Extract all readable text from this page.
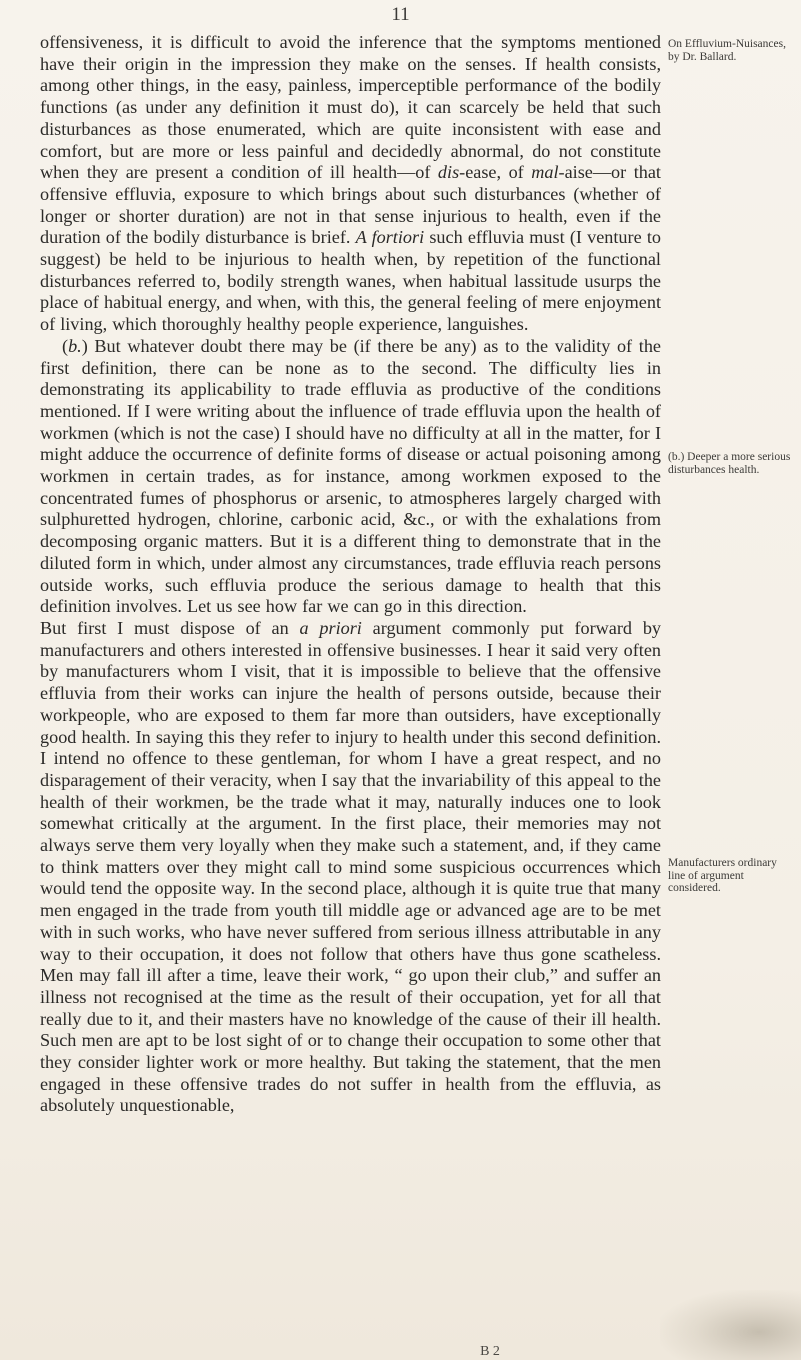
11

offensiveness, it is difficult to avoid the inference that the symptoms mentioned have their origin in the impression they make on the senses. If health consists, among other things, in the easy, painless, imperceptible performance of the bodily functions (as under any definition it must do), it can scarcely be held that such disturbances as those enumerated, which are quite inconsistent with ease and comfort, but are more or less painful and decidedly abnormal, do not constitute when they are present a condition of ill health—of dis-ease, of mal-aise—or that offensive effluvia, exposure to which brings about such disturbances (whether of longer or shorter duration) are not in that sense injurious to health, even if the duration of the bodily disturbance is brief. A fortiori such effluvia must (I venture to suggest) be held to be injurious to health when, by repetition of the functional disturbances referred to, bodily strength wanes, when habitual lassitude usurps the place of habitual energy, and when, with this, the general feeling of mere enjoyment of living, which thoroughly healthy people experience, languishes.

(b.) But whatever doubt there may be (if there be any) as to the validity of the first definition, there can be none as to the second. The difficulty lies in demonstrating its applicability to trade effluvia as productive of the conditions mentioned. If I were writing about the influence of trade effluvia upon the health of workmen (which is not the case) I should have no difficulty at all in the matter, for I might adduce the occurrence of definite forms of disease or actual poisoning among workmen in certain trades, as for instance, among workmen exposed to the concentrated fumes of phosphorus or arsenic, to atmospheres largely charged with sulphuretted hydrogen, chlorine, carbonic acid, &c., or with the exhalations from decomposing organic matters. But it is a different thing to demonstrate that in the diluted form in which, under almost any circumstances, trade effluvia reach persons outside works, such effluvia produce the serious damage to health that this definition involves. Let us see how far we can go in this direction.

But first I must dispose of an a priori argument commonly put forward by manufacturers and others interested in offensive businesses. I hear it said very often by manufacturers whom I visit, that it is impossible to believe that the offensive effluvia from their works can injure the health of persons outside, because their workpeople, who are exposed to them far more than outsiders, have exceptionally good health. In saying this they refer to injury to health under this second definition. I intend no offence to these gentleman, for whom I have a great respect, and no disparagement of their veracity, when I say that the invariability of this appeal to the health of their workmen, be the trade what it may, naturally induces one to look somewhat critically at the argument. In the first place, their memories may not always serve them very loyally when they make such a statement, and, if they came to think matters over they might call to mind some suspicious occurrences which would tend the opposite way. In the second place, although it is quite true that many men engaged in the trade from youth till middle age or advanced age are to be met with in such works, who have never suffered from serious illness attributable in any way to their occupation, it does not follow that others have thus gone scatheless. Men may fall ill after a time, leave their work, “ go upon their club,” and suffer an illness not recognised at the time as the result of their occupation, yet for all that really due to it, and their masters have no knowledge of the cause of their ill health. Such men are apt to be lost sight of or to change their occupation to some other that they consider lighter work or more healthy. But taking the statement, that the men engaged in these offensive trades do not suffer in health from the effluvia, as absolutely unquestionable,

On Effluvium-Nuisances, by Dr. Ballard.
(b.) Deeper a more serious disturbances health.
Manufacturers ordinary line of argument considered.
B 2
